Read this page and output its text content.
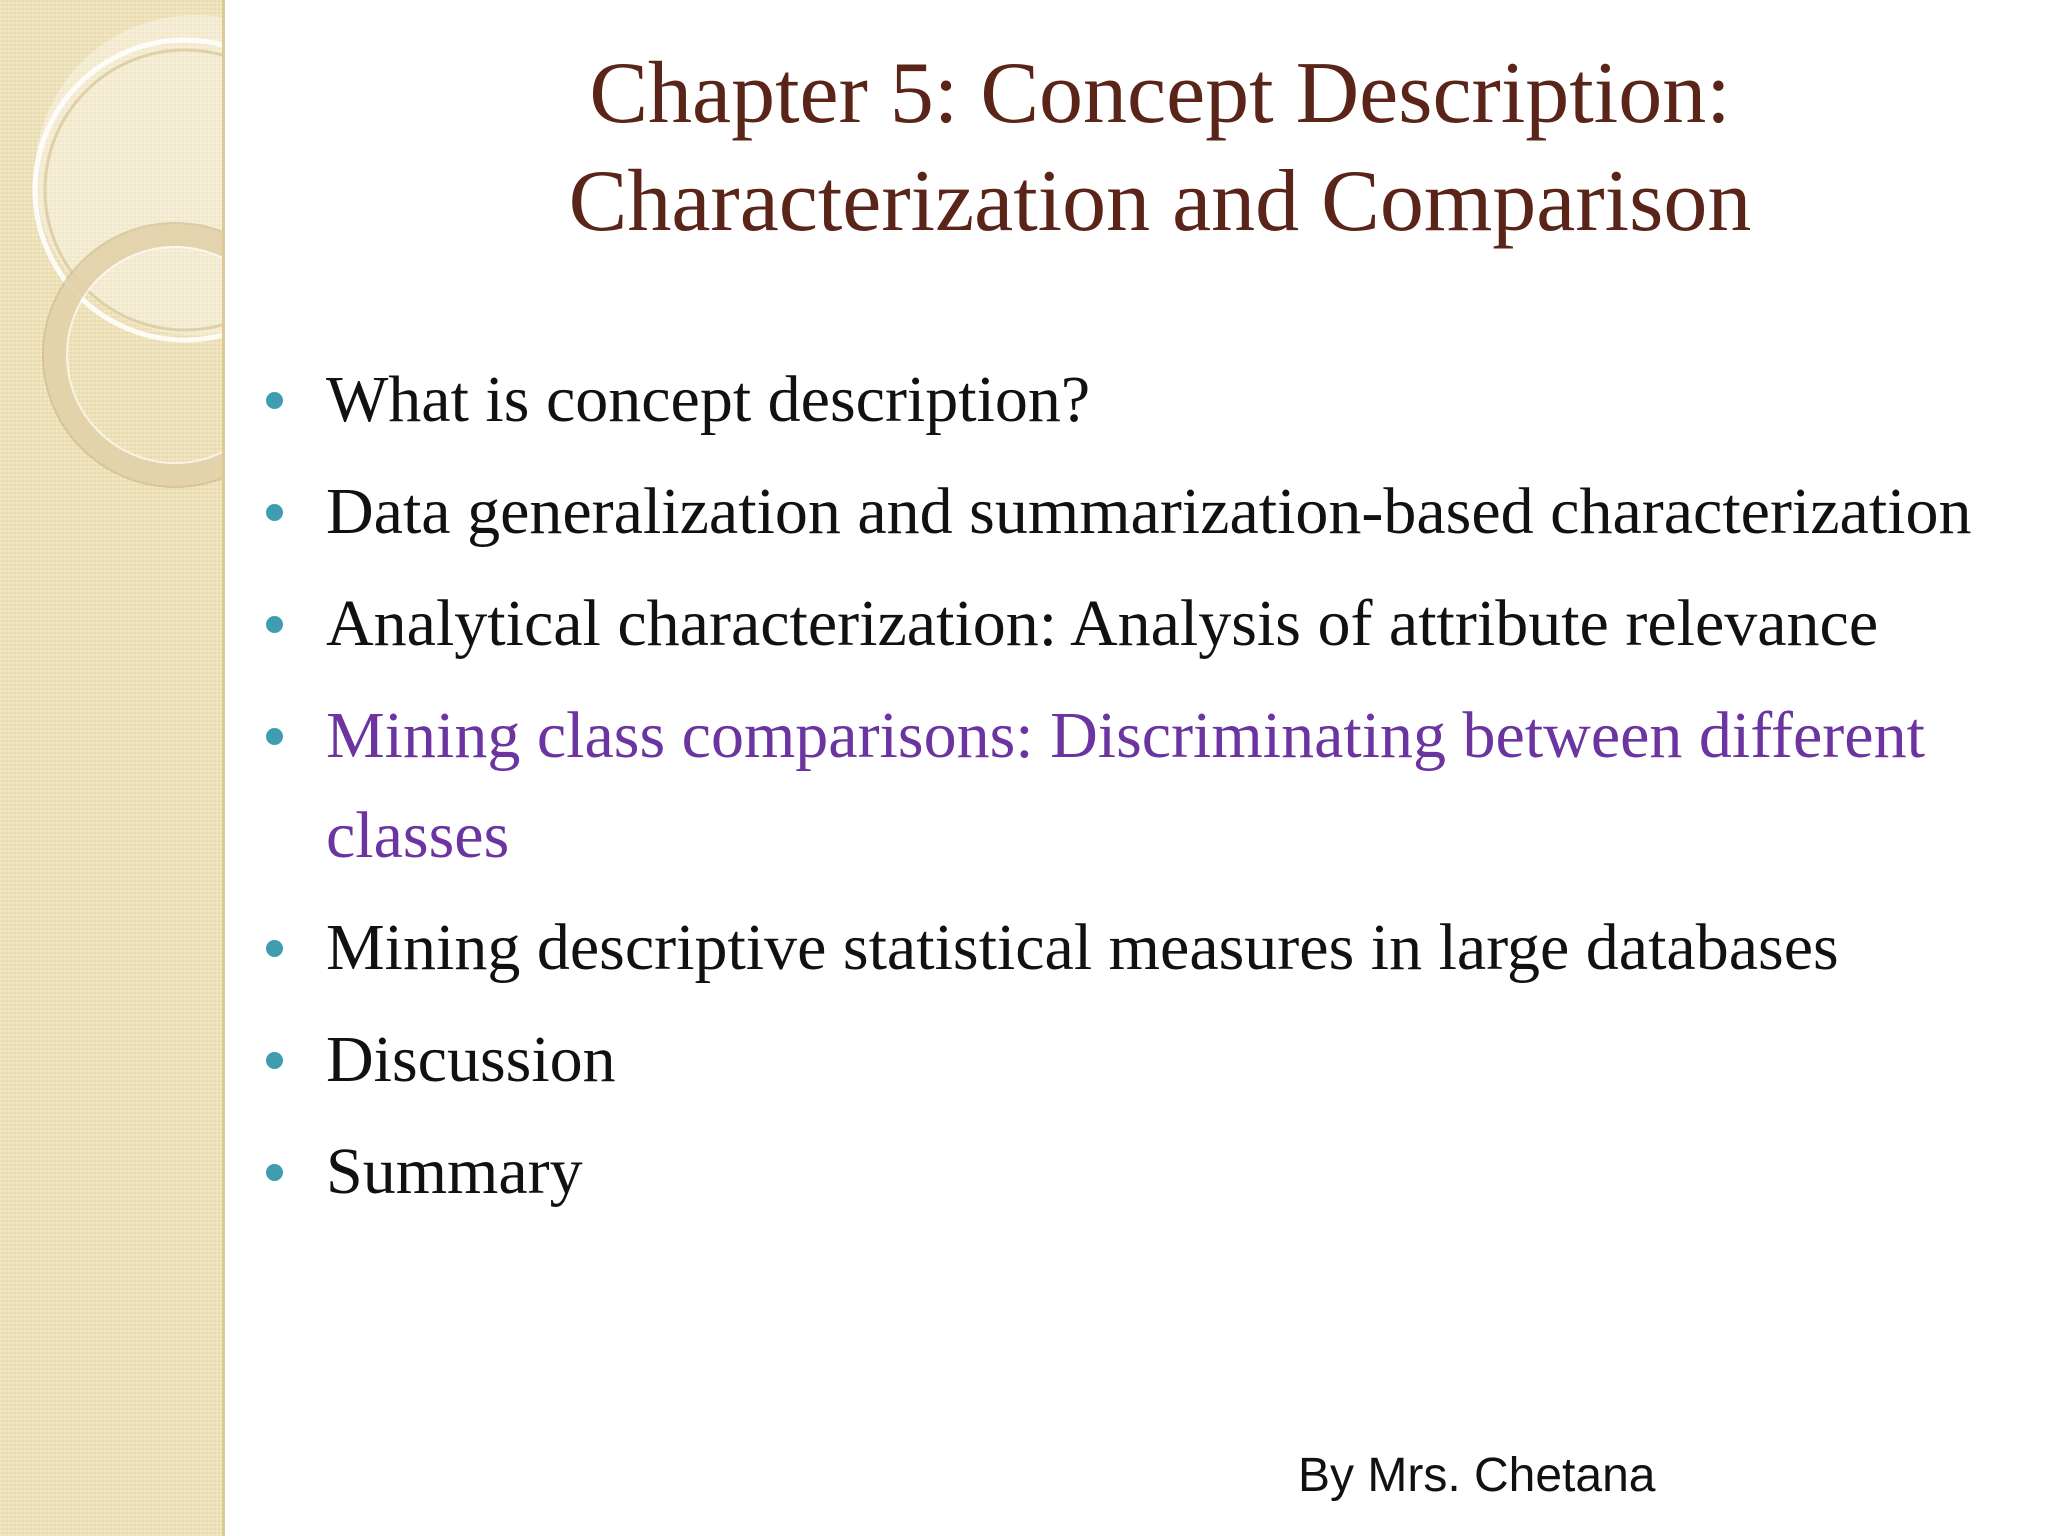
Chapter 5: Concept Description:
Characterization and Comparison
What is concept description?
Data generalization and summarization-based characterization
Analytical characterization: Analysis of attribute relevance
Mining class comparisons: Discriminating between different classes
Mining descriptive statistical measures in large databases
Discussion
Summary
By Mrs. Chetana
